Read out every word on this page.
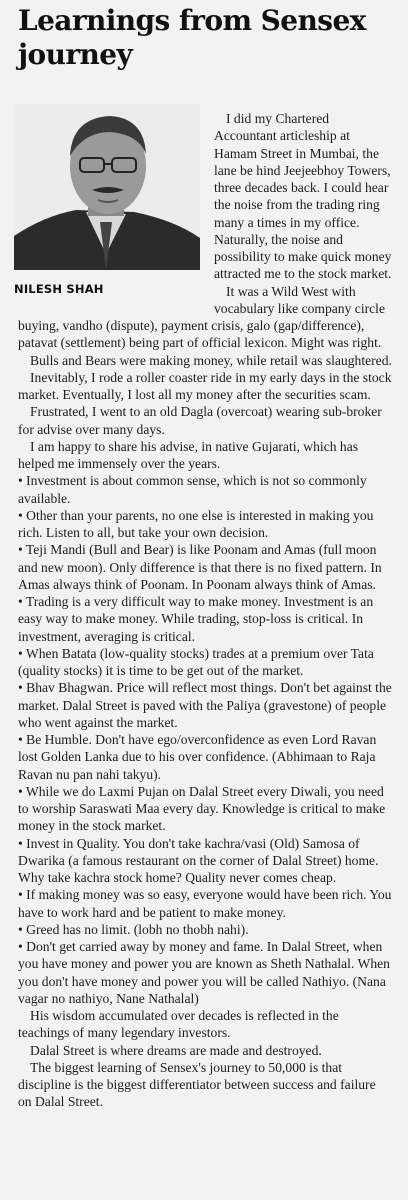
Learnings from Sensex journey
NILESH SHAH

I did my Chartered Accountant articleship at Hamam Street in Mumbai, the lane be hind Jeejeebhoy Towers, three decades back. I could hear the noise from the trading ring many a times in my office. Naturally, the noise and possibility to make quick money attracted me to the stock market.

It was a Wild West with vocabulary like company circle buying, vandho (dispute), payment crisis, galo (gap/difference), patavat (settlement) being part of official lexicon. Might was right.

Bulls and Bears were making money, while retail was slaughtered.

Inevitably, I rode a roller coaster ride in my early days in the stock market. Eventually, I lost all my money after the securities scam.

Frustrated, I went to an old Dagla (overcoat) wearing sub-broker for advise over many days.

I am happy to share his advise, in native Gujarati, which has helped me immensely over the years.

• Investment is about common sense, which is not so commonly available.

• Other than your parents, no one else is interested in making you rich. Listen to all, but take your own decision.

• Teji Mandi (Bull and Bear) is like Poonam and Amas (full moon and new moon). Only difference is that there is no fixed pattern. In Amas always think of Poonam. In Poonam always think of Amas.

• Trading is a very difficult way to make money. Investment is an easy way to make money. While trading, stop-loss is critical. In investment, averaging is critical.

• When Batata (low-quality stocks) trades at a premium over Tata (quality stocks) it is time to be get out of the market.

• Bhav Bhagwan. Price will reflect most things. Don't bet against the market. Dalal Street is paved with the Paliya (gravestone) of people who went against the market.

• Be Humble. Don't have ego/overconfidence as even Lord Ravan lost Golden Lanka due to his over confidence. (Abhimaan to Raja Ravan nu pan nahi takyu).

• While we do Laxmi Pujan on Dalal Street every Diwali, you need to worship Saraswati Maa every day. Knowledge is critical to make money in the stock market.

• Invest in Quality. You don't take kachra/vasi (Old) Samosa of Dwarika (a famous restaurant on the corner of Dalal Street) home. Why take kachra stock home? Quality never comes cheap.

• If making money was so easy, everyone would have been rich. You have to work hard and be patient to make money.

• Greed has no limit. (lobh no thobh nahi).

• Don't get carried away by money and fame. In Dalal Street, when you have money and power you are known as Sheth Nathalal. When you don't have money and power you will be called Nathiyo. (Nana vagar no nathiyo, Nane Nathalal)

His wisdom accumulated over decades is reflected in the teachings of many legendary investors.

Dalal Street is where dreams are made and destroyed.

The biggest learning of Sensex's journey to 50,000 is that discipline is the biggest differentiator between success and failure on Dalal Street.
